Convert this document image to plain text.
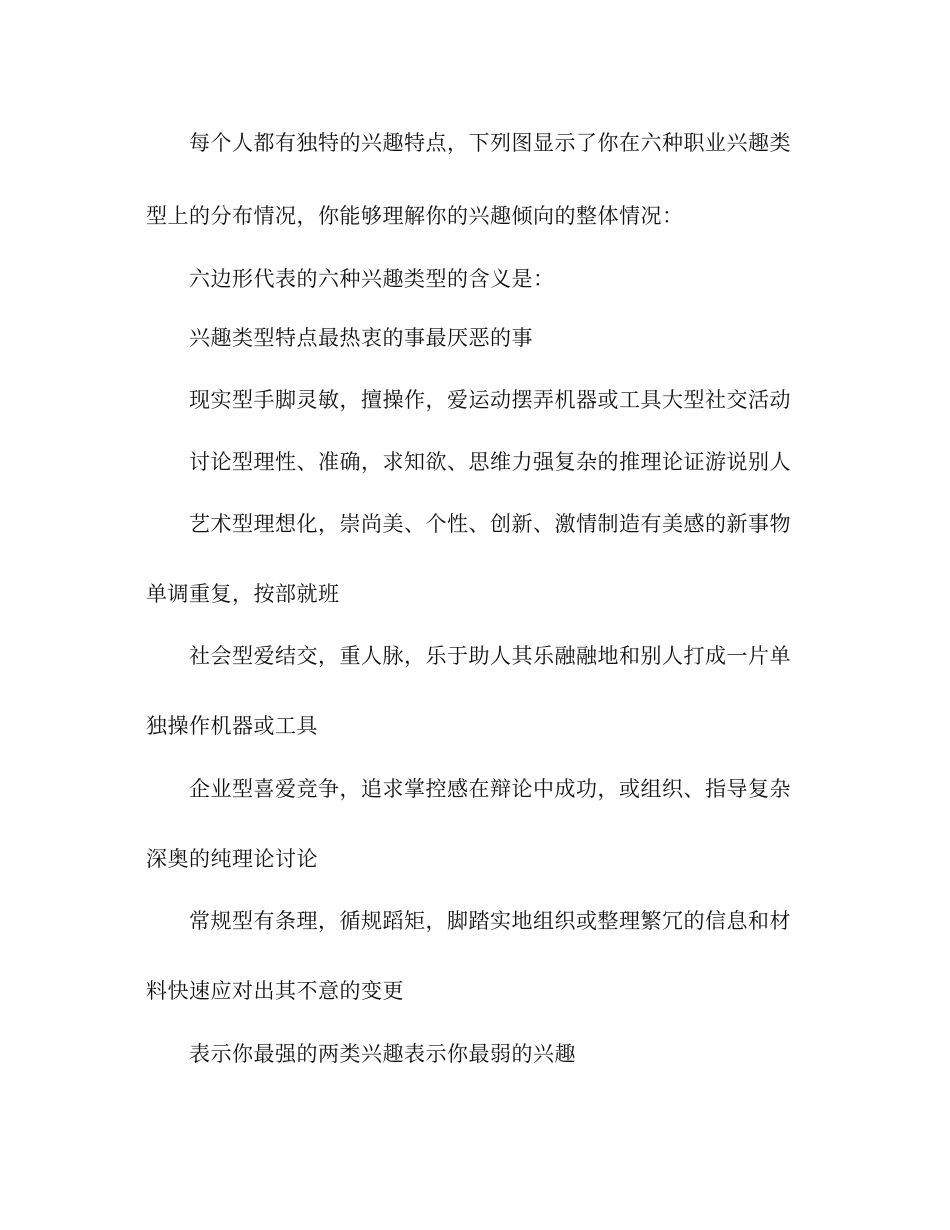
每个人都有独特的兴趣特点，下列图显示了你在六种职业兴趣类
型上的分布情况，你能够理解你的兴趣倾向的整体情况：
六边形代表的六种兴趣类型的含义是：
兴趣类型特点最热衷的事最厌恶的事
现实型手脚灵敏，擅操作，爱运动摆弄机器或工具大型社交活动
讨论型理性、准确，求知欲、思维力强复杂的推理论证游说别人
艺术型理想化，崇尚美、个性、创新、激情制造有美感的新事物
单调重复，按部就班
社会型爱结交，重人脉，乐于助人其乐融融地和别人打成一片单
独操作机器或工具
企业型喜爱竞争，追求掌控感在辩论中成功，或组织、指导复杂
深奥的纯理论讨论
常规型有条理，循规蹈矩，脚踏实地组织或整理繁冗的信息和材
料快速应对出其不意的变更
表示你最强的两类兴趣表示你最弱的兴趣
